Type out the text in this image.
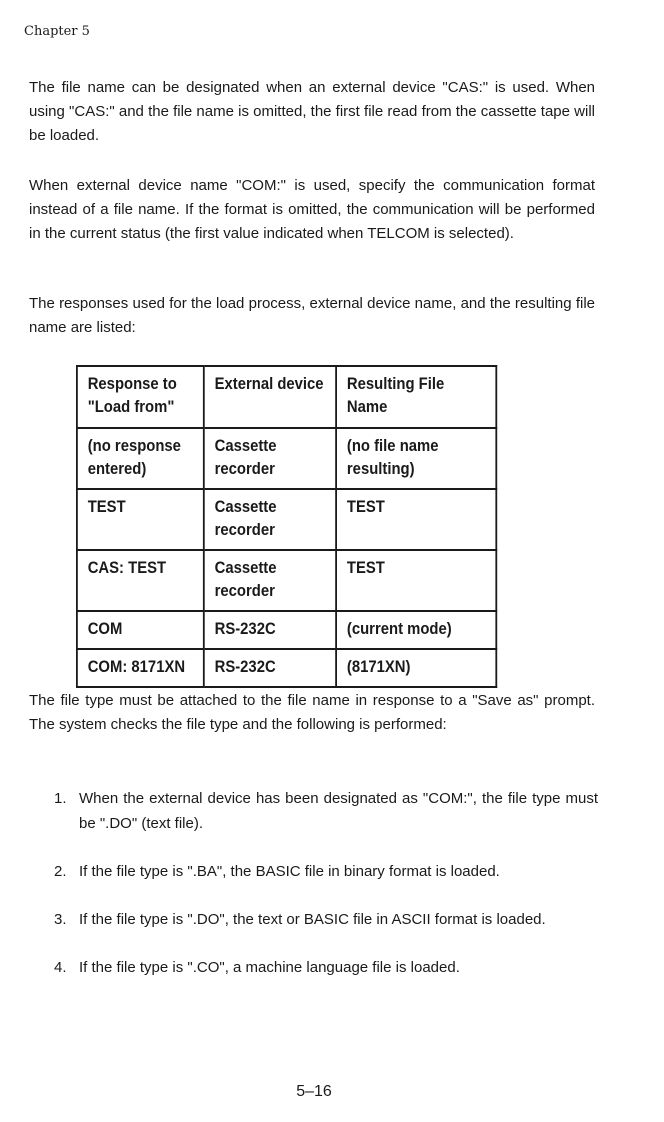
Chapter 5

The file name can be designated when an external device "CAS:" is used. When using "CAS:" and the file name is omitted, the first file read from the cassette tape will be loaded.

When external device name "COM:" is used, specify the communication format instead of a file name. If the format is omitted, the communication will be performed in the current status (the first value indicated when TELCOM is selected).

The responses used for the load process, external device name, and the resulting file name are listed:

Response to "Load from"	External device	Resulting File Name
(no response entered)	Cassette recorder	(no file name resulting)
TEST	Cassette recorder	TEST
CAS: TEST	Cassette recorder	TEST
COM	RS-232C	(current mode)
COM: 8171XN	RS-232C	(8171XN)

The file type must be attached to the file name in response to a "Save as" prompt. The system checks the file type and the following is performed:

1. When the external device has been designated as "COM:", the file type must be ".DO" (text file).
2. If the file type is ".BA", the BASIC file in binary format is loaded.
3. If the file type is ".DO", the text or BASIC file in ASCII format is loaded.
4. If the file type is ".CO", a machine language file is loaded.
5–16
